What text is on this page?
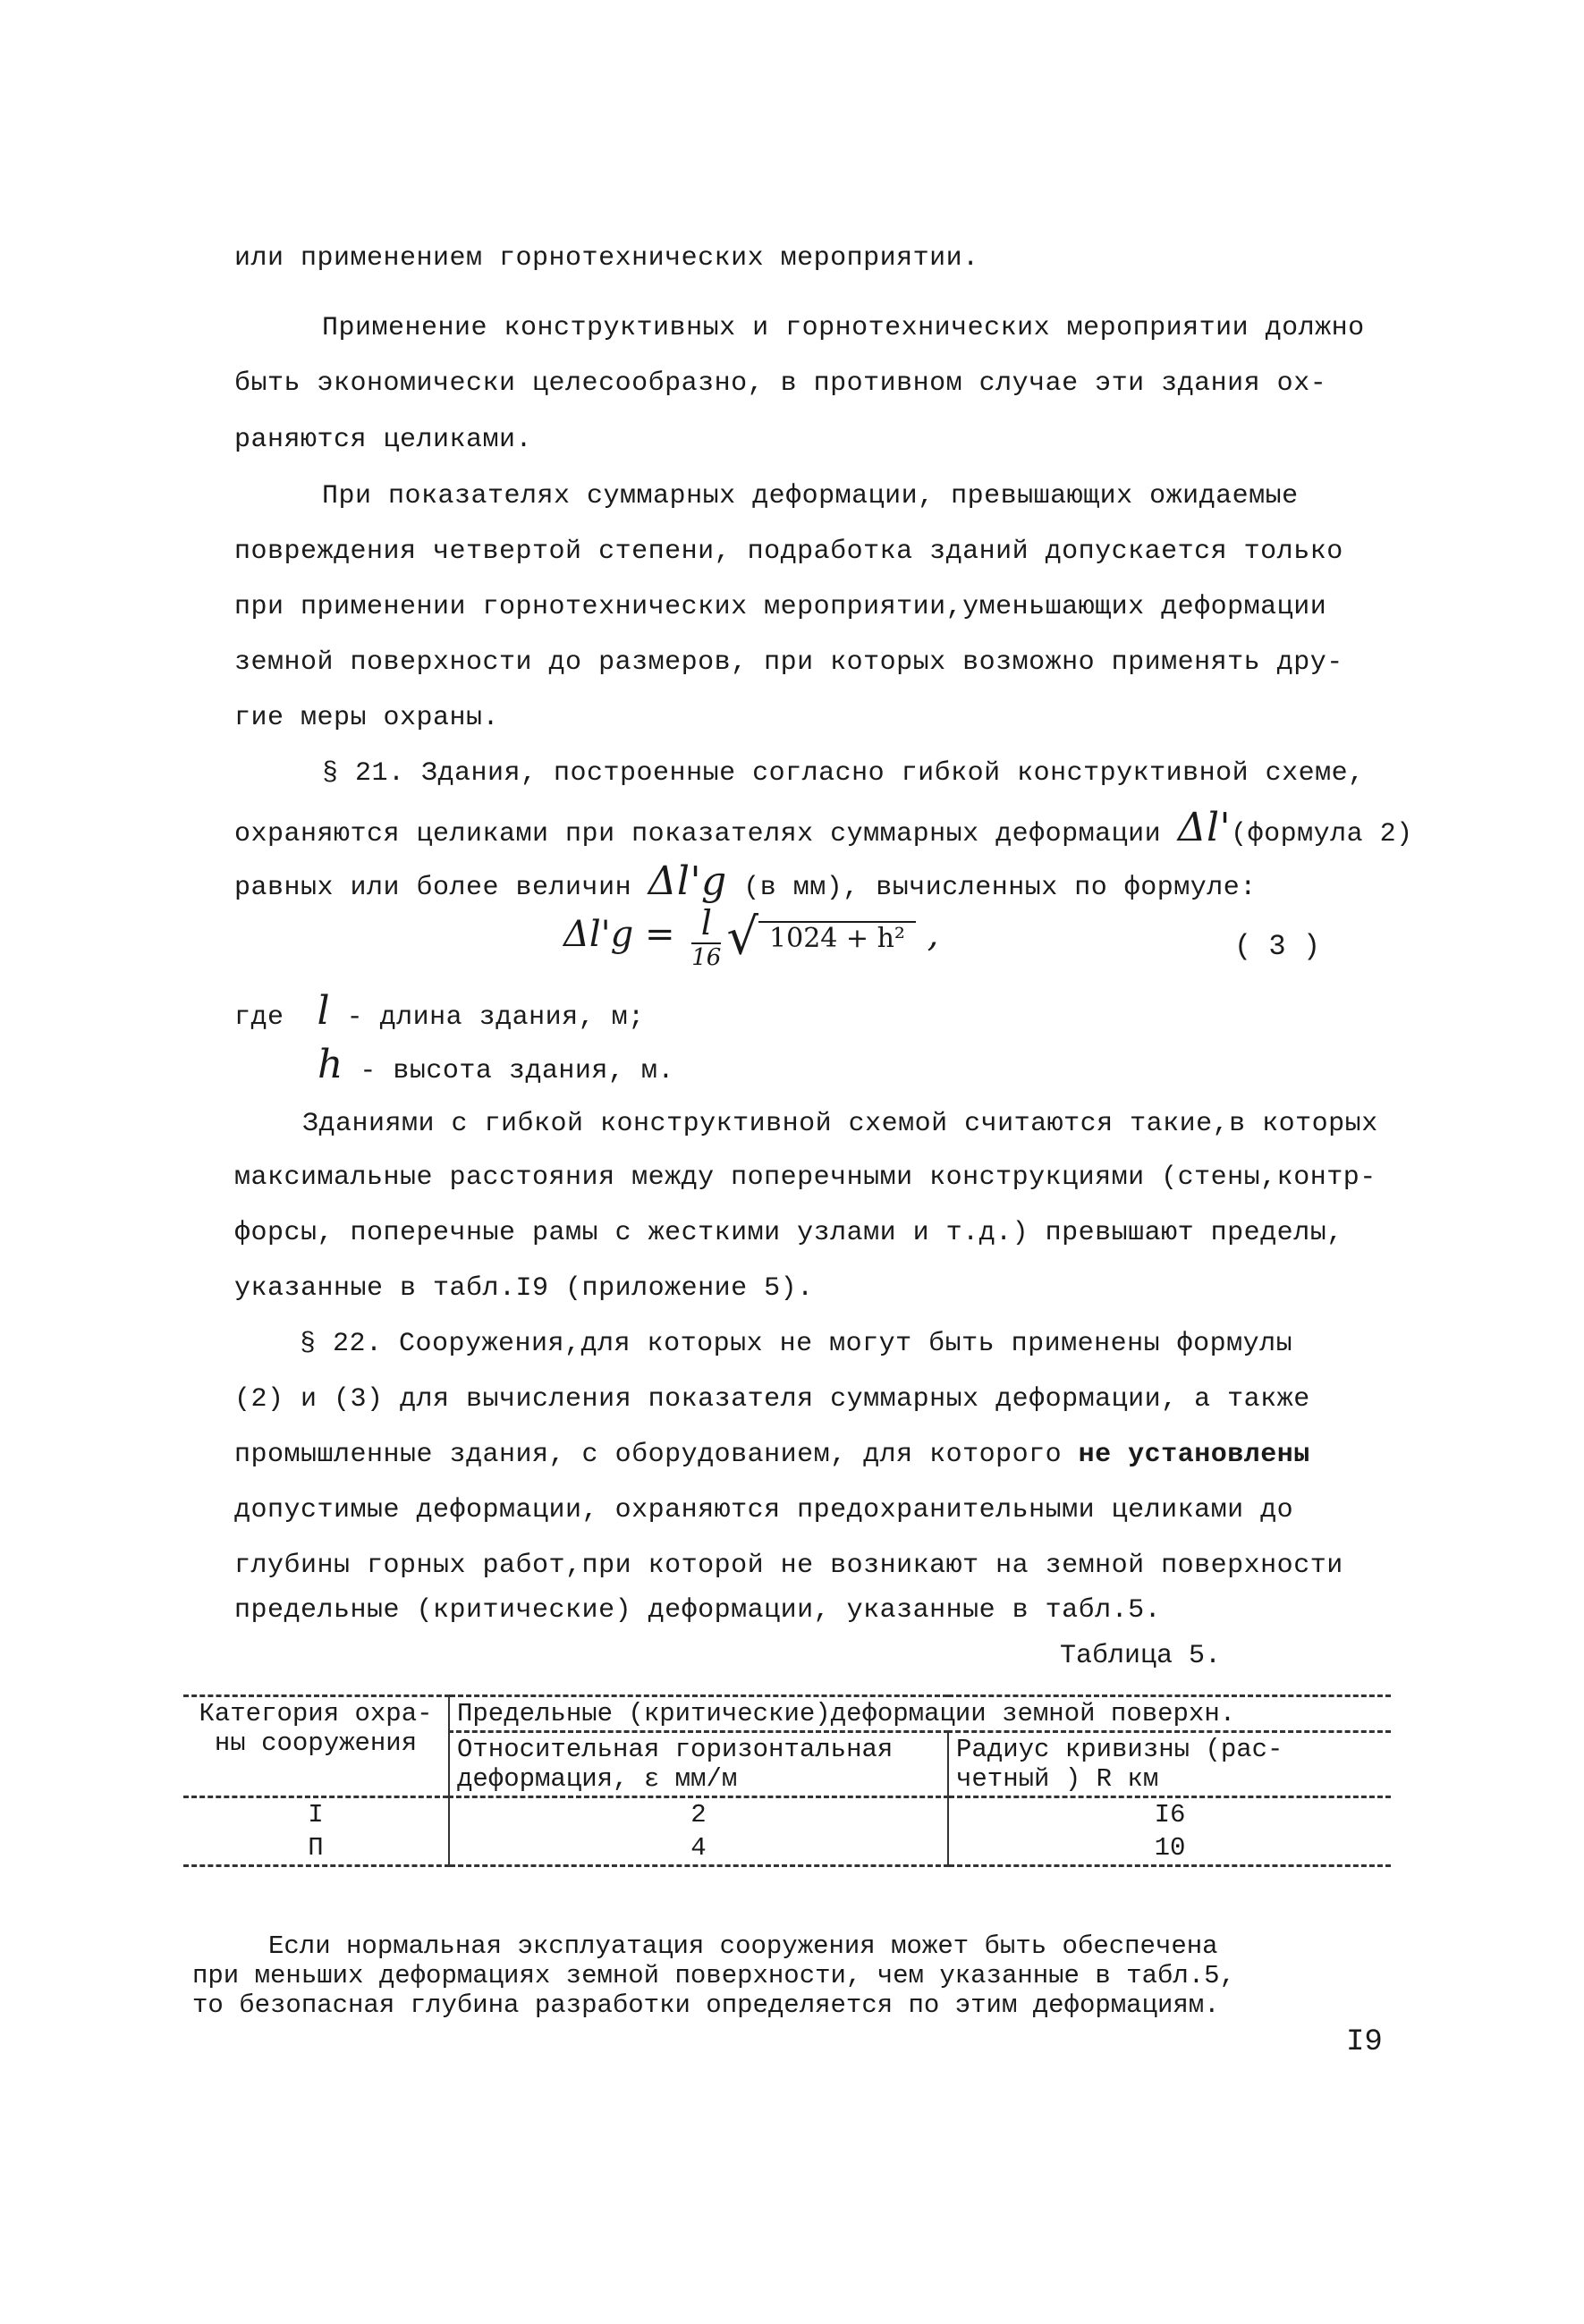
или применением горнотехнических мероприятии.
Применение конструктивных и горнотехнических мероприятии должно
быть экономически целесообразно, в противном случае эти здания ох-
раняются целиками.
При показателях суммарных деформации, превышающих ожидаемые
повреждения четвертой степени, подработка зданий допускается только
при применении горнотехнических мероприятии,уменьшающих деформации
земной поверхности до размеров, при которых возможно применять дру-
гие меры охраны.
§ 21. Здания, построенные согласно гибкой конструктивной схеме,
охраняются целиками при показателях суммарных деформации Δl'(формула 2)
равных или более величин Δl'g (в мм), вычисленных по формуле:
$\Delta l'g = \frac{l}{16}$ √ 1024 + h² ,	( 3 )
где l - длина здания, м;
h - высота здания, м.
Зданиями с гибкой конструктивной схемой считаются такие,в которых
максимальные расстояния между поперечными конструкциями (стены,контр-
форсы, поперечные рамы с жесткими узлами и т.д.) превышают пределы,
указанные в табл.I9 (приложение 5).
§ 22. Сооружения,для которых не могут быть применены формулы
(2) и (3) для вычисления показателя суммарных деформации, а также
промышленные здания, с оборудованием, для которого не установлены
допустимые деформации, охраняются предохранительными целиками до
глубины горных работ,при которой не возникают на земной поверхности
предельные (критические) деформации, указанные в табл.5.
Таблица 5.
Категория охра- ны сооружения	Предельные (критические)деформации земной поверхн.	
	Относительная горизонтальная деформация, ε мм/м	Радиус кривизны (рас- четный ) R км
I	2	I6
П	4	10
Если нормальная эксплуатация сооружения может быть обеспечена
при меньших деформациях земной поверхности, чем указанные в табл.5,
то безопасная глубина разработки определяется по этим деформациям.
I9
